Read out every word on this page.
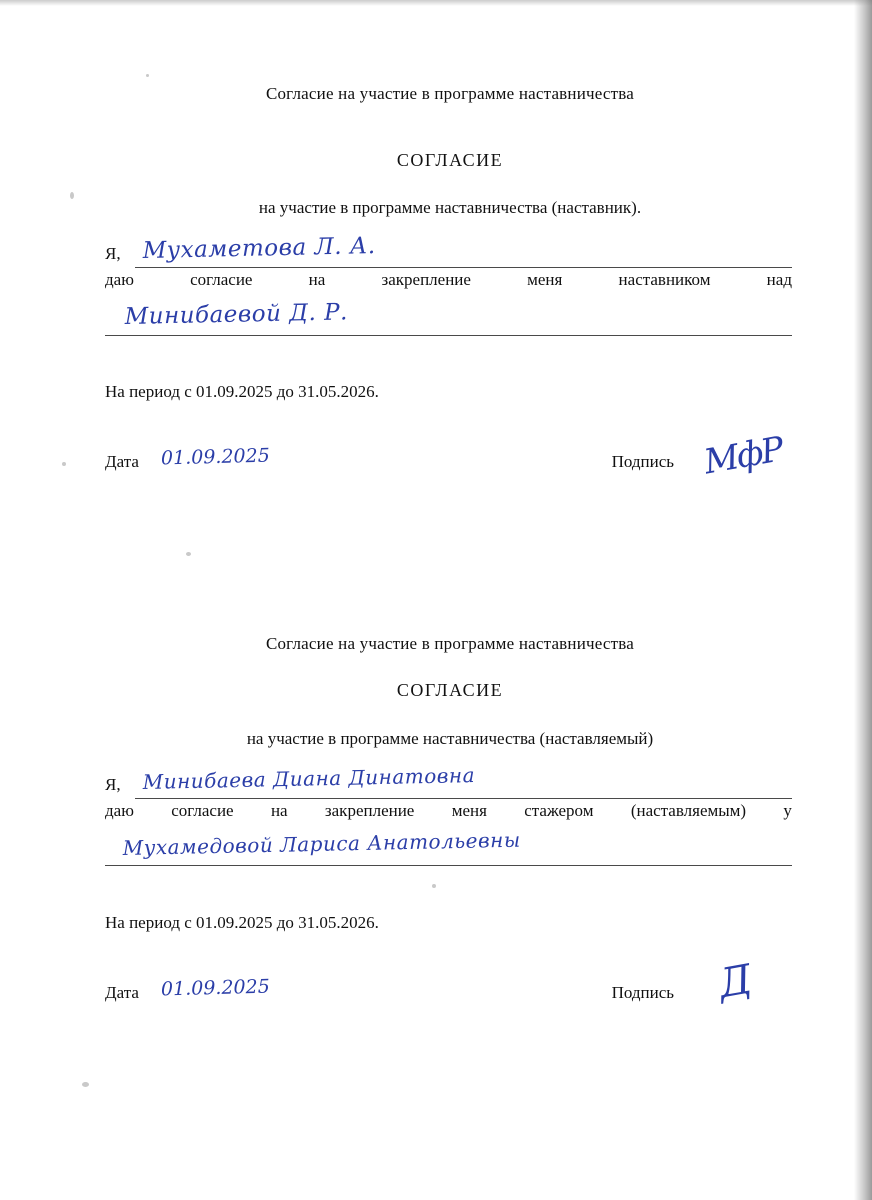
Согласие на участие в программе наставничества
СОГЛАСИЕ
на участие в программе наставничества (наставник).
Я, Мухаметова Л. А.
даю	согласие	на	закрепление	меня	наставником	над
Минибаевой Д. Р.
На период с 01.09.2025 до 31.05.2026.
Дата 01.09.2025	Подпись МфР
Согласие на участие в программе наставничества
СОГЛАСИЕ
на участие в программе наставничества (наставляемый)
Я, Минибаева Диана Динатовна
даю согласие на закрепление меня стажером (наставляемым) у
Мухамедовой Лариса Анатольевны
На период с 01.09.2025 до 31.05.2026.
Дата 01.09.2025	Подпись Д
